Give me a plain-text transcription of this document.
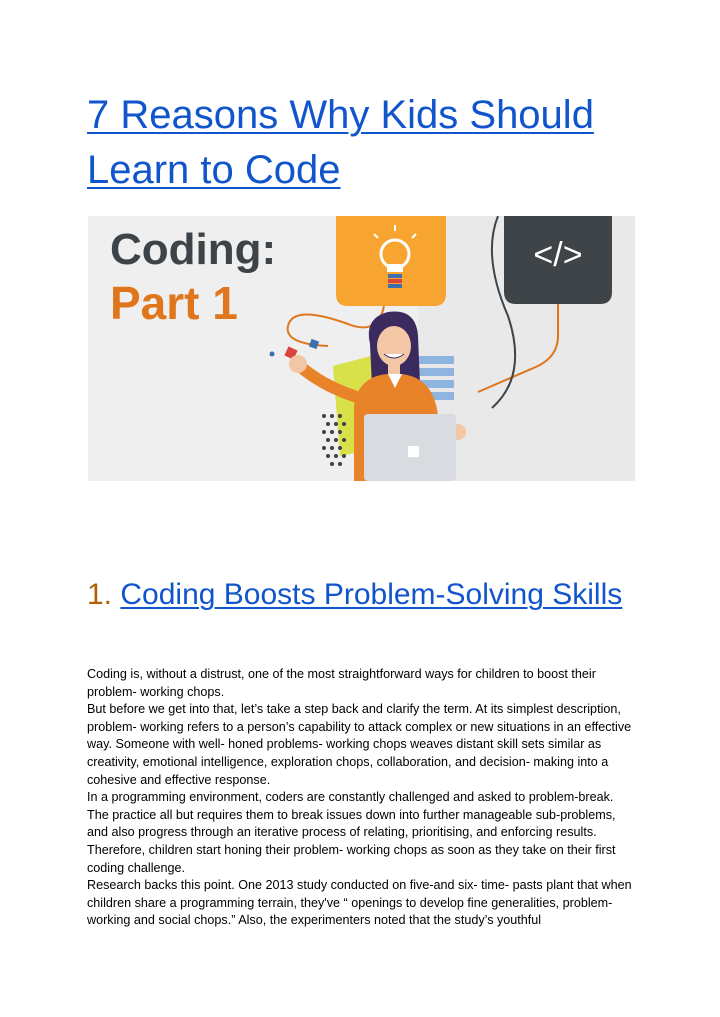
7 Reasons Why Kids Should Learn to Code
Coding:
Part 1
</>
1. Coding Boosts Problem-Solving Skills

Coding is, without a distrust, one of the most straightforward ways for children to boost their problem- working chops.

But before we get into that, let’s take a step back and clarify the term. At its simplest description, problem- working refers to a person’s capability to attack complex or new situations in an effective way. Someone with well- honed problems- working chops weaves distant skill sets similar as creativity, emotional intelligence, exploration chops, collaboration, and decision- making into a cohesive and effective response.

In a programming environment, coders are constantly challenged and asked to problem-break. The practice all but requires them to break issues down into further manageable sub-problems, and also progress through an iterative process of relating, prioritising, and enforcing results. Therefore, children start honing their problem- working chops as soon as they take on their first coding challenge.

Research backs this point. One 2013 study conducted on five-and six- time- pasts plant that when children share a programming terrain, they've “ openings to develop fine generalities, problem- working and social chops.” Also, the experimenters noted that the study’s youthful
